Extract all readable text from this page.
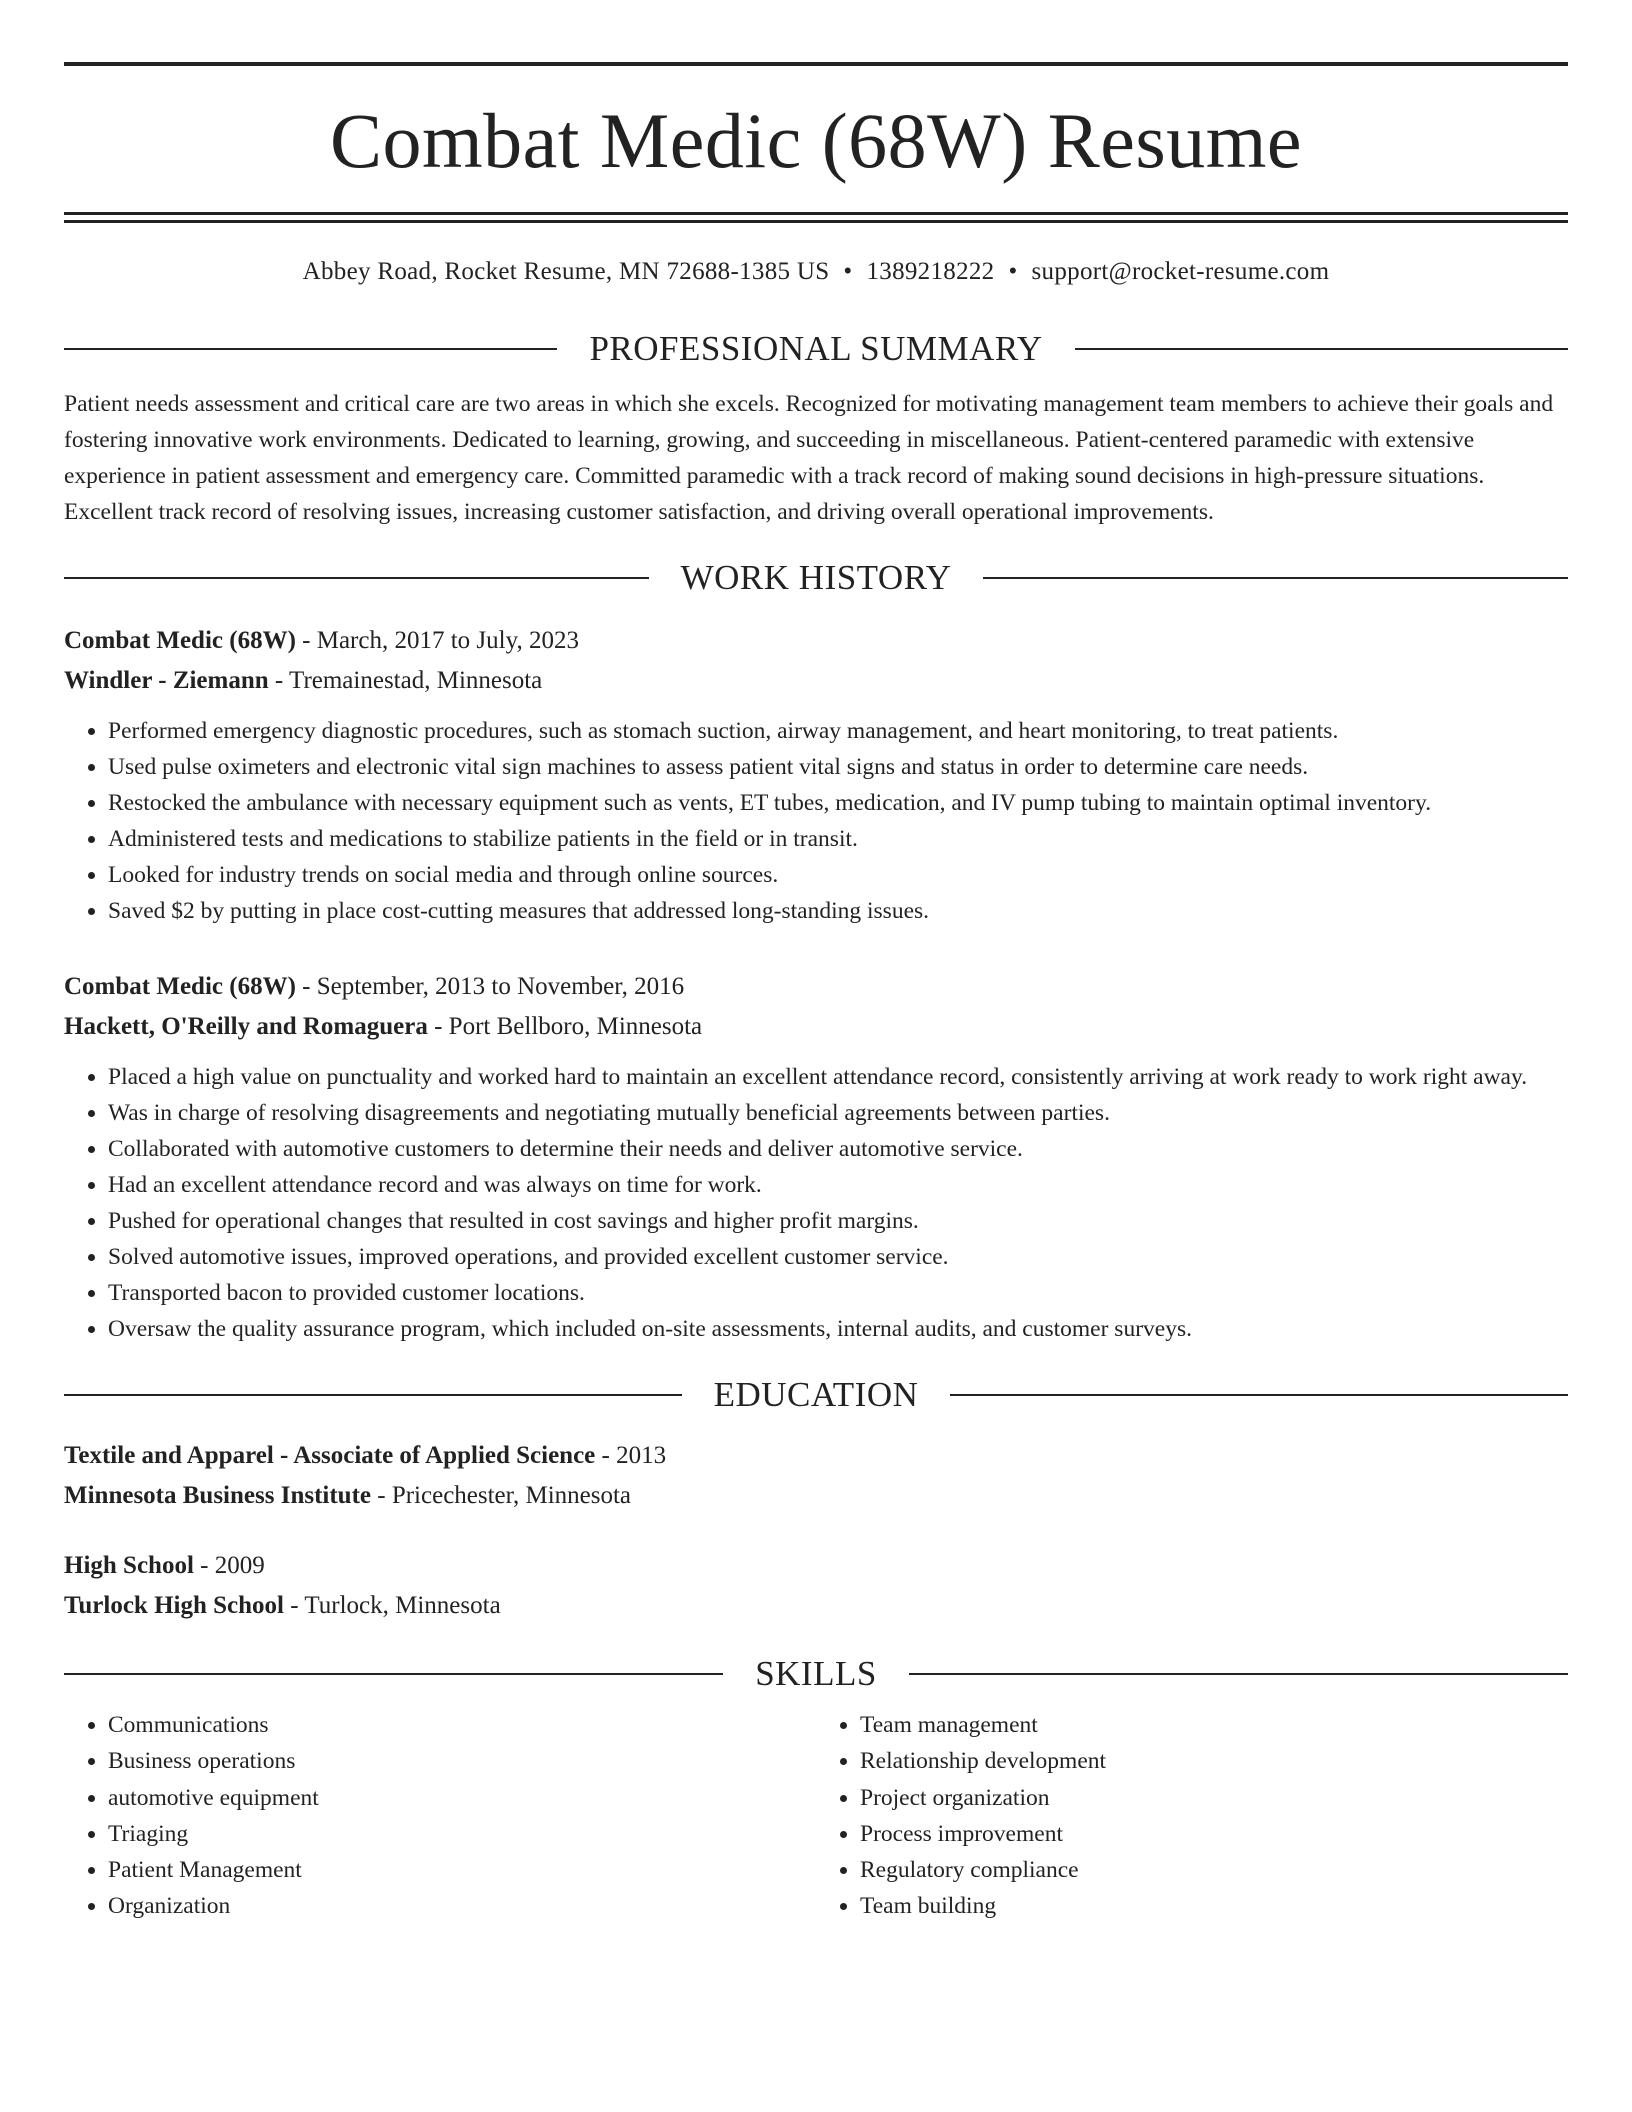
Combat Medic (68W) Resume
Abbey Road, Rocket Resume, MN 72688-1385 US • 1389218222 • support@rocket-resume.com
PROFESSIONAL SUMMARY

Patient needs assessment and critical care are two areas in which she excels. Recognized for motivating management team members to achieve their goals and fostering innovative work environments. Dedicated to learning, growing, and succeeding in miscellaneous. Patient-centered paramedic with extensive experience in patient assessment and emergency care. Committed paramedic with a track record of making sound decisions in high-pressure situations. Excellent track record of resolving issues, increasing customer satisfaction, and driving overall operational improvements.

WORK HISTORY
Combat Medic (68W) - March, 2017 to July, 2023
Windler - Ziemann - Tremainestad, Minnesota
• Performed emergency diagnostic procedures, such as stomach suction, airway management, and heart monitoring, to treat patients.
• Used pulse oximeters and electronic vital sign machines to assess patient vital signs and status in order to determine care needs.
• Restocked the ambulance with necessary equipment such as vents, ET tubes, medication, and IV pump tubing to maintain optimal inventory.
• Administered tests and medications to stabilize patients in the field or in transit.
• Looked for industry trends on social media and through online sources.
• Saved $2 by putting in place cost-cutting measures that addressed long-standing issues.
Combat Medic (68W) - September, 2013 to November, 2016
Hackett, O'Reilly and Romaguera - Port Bellboro, Minnesota
• Placed a high value on punctuality and worked hard to maintain an excellent attendance record, consistently arriving at work ready to work right away.
• Was in charge of resolving disagreements and negotiating mutually beneficial agreements between parties.
• Collaborated with automotive customers to determine their needs and deliver automotive service.
• Had an excellent attendance record and was always on time for work.
• Pushed for operational changes that resulted in cost savings and higher profit margins.
• Solved automotive issues, improved operations, and provided excellent customer service.
• Transported bacon to provided customer locations.
• Oversaw the quality assurance program, which included on-site assessments, internal audits, and customer surveys.
EDUCATION
Textile and Apparel - Associate of Applied Science - 2013
Minnesota Business Institute - Pricechester, Minnesota
High School - 2009
Turlock High School - Turlock, Minnesota
SKILLS
• Communications
• Business operations
• automotive equipment
• Triaging
• Patient Management
• Organization
• Team management
• Relationship development
• Project organization
• Process improvement
• Regulatory compliance
• Team building
